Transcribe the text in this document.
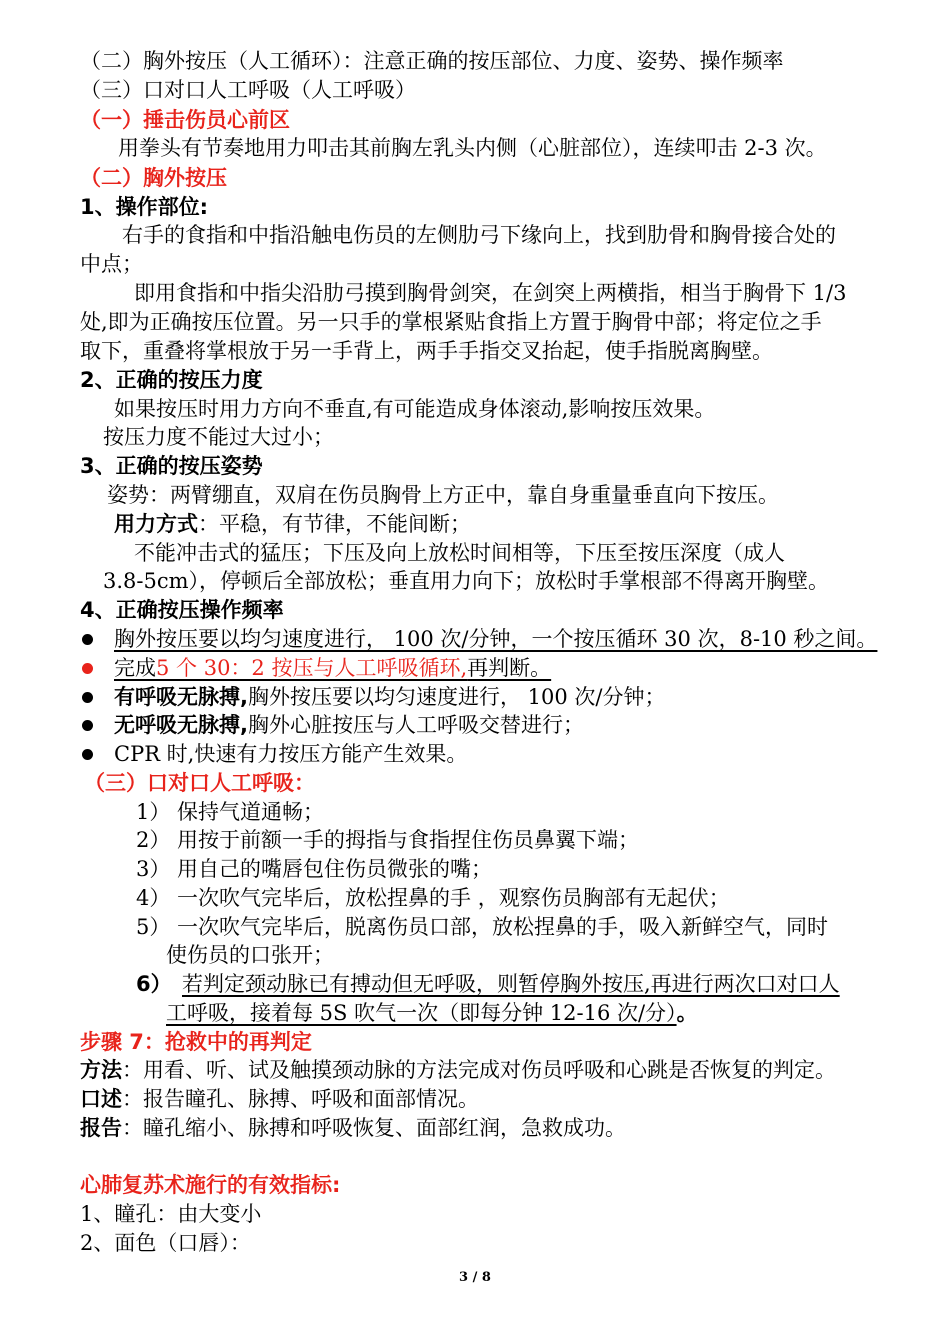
（二）胸外按压（人工循环）：注意正确的按压部位、力度、姿势、操作频率
（三）口对口人工呼吸（人工呼吸）
（一）捶击伤员心前区
用拳头有节奏地用力叩击其前胸左乳头内侧（心脏部位），连续叩击 2-3 次。
（二）胸外按压
1、操作部位:
右手的食指和中指沿触电伤员的左侧肋弓下缘向上，找到肋骨和胸骨接合处的
中点；
即用食指和中指尖沿肋弓摸到胸骨剑突，在剑突上两横指，相当于胸骨下 1/3
处,即为正确按压位置。另一只手的掌根紧贴食指上方置于胸骨中部；将定位之手
取下，重叠将掌根放于另一手背上，两手手指交叉抬起，使手指脱离胸壁。
2、正确的按压力度
如果按压时用力方向不垂直,有可能造成身体滚动,影响按压效果。
按压力度不能过大过小；
3、正确的按压姿势
姿势：两臂绷直，双肩在伤员胸骨上方正中，靠自身重量垂直向下按压。
用力方式：平稳，有节律，不能间断；
不能冲击式的猛压；下压及向上放松时间相等，下压至按压深度（成人
3.8-5cm），停顿后全部放松；垂直用力向下；放松时手掌根部不得离开胸壁。
4、正确按压操作频率
胸外按压要以均匀速度进行， 100 次/分钟，一个按压循环 30 次，8-10 秒之间。
完成5 个 30：2 按压与人工呼吸循环,再判断。
有呼吸无脉搏,胸外按压要以均匀速度进行， 100 次/分钟；
无呼吸无脉搏,胸外心脏按压与人工呼吸交替进行；
CPR 时,快速有力按压方能产生效果。
（三）口对口人工呼吸：
1） 保持气道通畅；
2） 用按于前额一手的拇指与食指捏住伤员鼻翼下端；
3） 用自己的嘴唇包住伤员微张的嘴；
4） 一次吹气完毕后，放松捏鼻的手 ，观察伤员胸部有无起伏；
5） 一次吹气完毕后，脱离伤员口部，放松捏鼻的手，吸入新鲜空气，同时
使伤员的口张开；
6） 若判定颈动脉已有搏动但无呼吸，则暂停胸外按压,再进行两次口对口人
工呼吸，接着每 5S 吹气一次（即每分钟 12-16 次/分）。
步骤 7：抢救中的再判定
方法：用看、听、试及触摸颈动脉的方法完成对伤员呼吸和心跳是否恢复的判定。
口述：报告瞳孔、脉搏、呼吸和面部情况。
报告：瞳孔缩小、脉搏和呼吸恢复、面部红润，急救成功。
心肺复苏术施行的有效指标:
1、瞳孔：由大变小
2、面色（口唇）：
3 / 8
